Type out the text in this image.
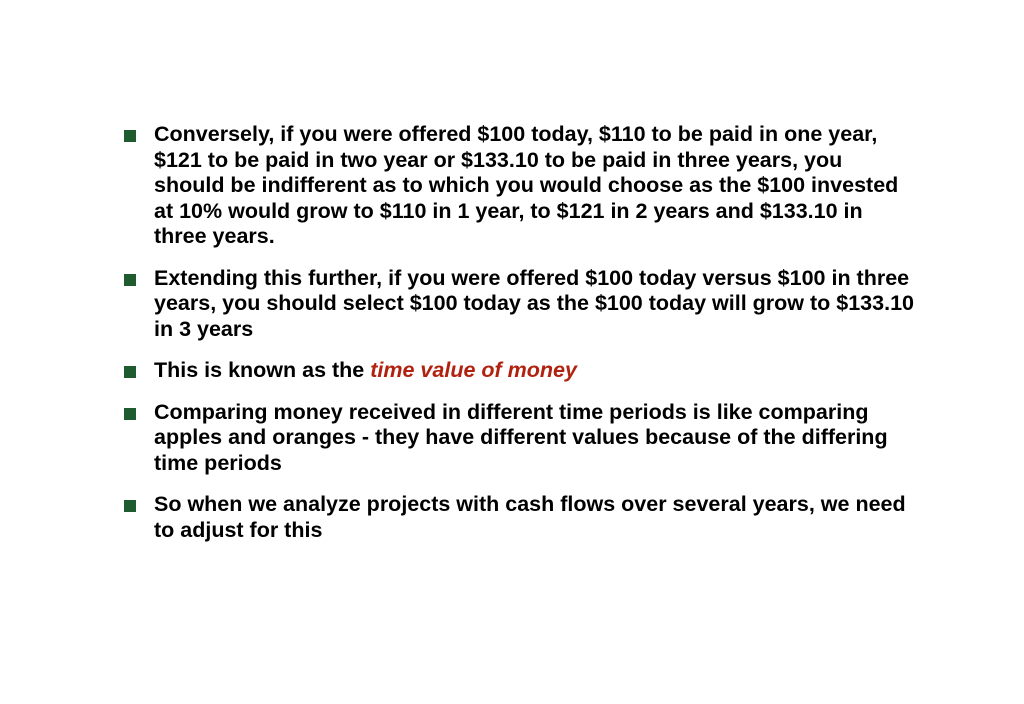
Conversely, if you were offered $100 today, $110 to be paid in one year, $121 to be paid in two year or $133.10 to be paid in three years, you should be indifferent as to which you would choose as the $100 invested at 10% would grow to $110 in 1 year, to $121 in 2 years and $133.10 in three years.
Extending this further, if you were offered $100 today versus $100 in three years, you should select $100 today as the $100 today will grow to $133.10 in 3 years
This is known as the time value of money
Comparing money received in different time periods is like comparing apples and oranges - they have different values because of the differing time periods
So when we analyze projects with cash flows over several years, we need to adjust for this
